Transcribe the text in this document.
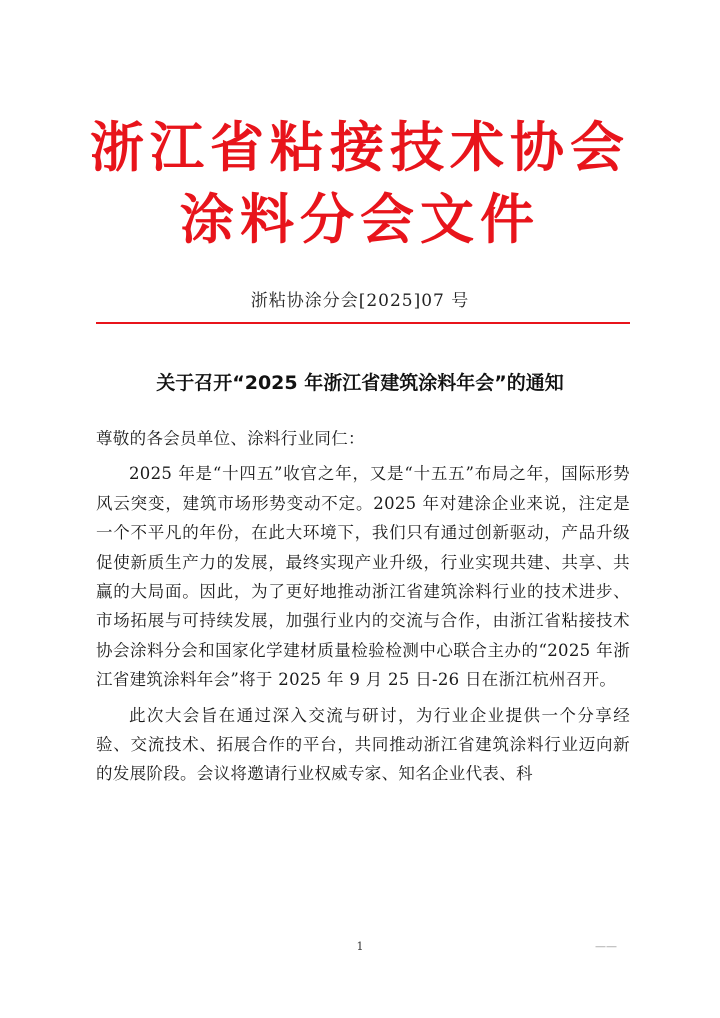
浙江省粘接技术协会
涂料分会文件
浙粘协涂分会[2025]07 号
关于召开“2025 年浙江省建筑涂料年会”的通知

尊敬的各会员单位、涂料行业同仁：

2025 年是“十四五”收官之年，又是“十五五”布局之年，国际形势风云突变，建筑市场形势变动不定。2025 年对建涂企业来说，注定是一个不平凡的年份，在此大环境下，我们只有通过创新驱动，产品升级促使新质生产力的发展，最终实现产业升级，行业实现共建、共享、共赢的大局面。因此，为了更好地推动浙江省建筑涂料行业的技术进步、市场拓展与可持续发展，加强行业内的交流与合作，由浙江省粘接技术协会涂料分会和国家化学建材质量检验检测中心联合主办的“2025 年浙江省建筑涂料年会”将于 2025 年 9 月 25 日-26 日在浙江杭州召开。

此次大会旨在通过深入交流与研讨，为行业企业提供一个分享经验、交流技术、拓展合作的平台，共同推动浙江省建筑涂料行业迈向新的发展阶段。会议将邀请行业权威专家、知名企业代表、科

1	——
